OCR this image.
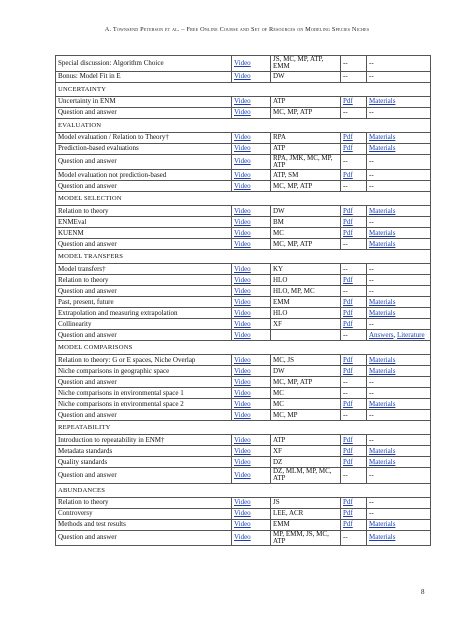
A. Townsend Peterson et al. – Free Online Course and Set of Resources on Modeling Species Niches
Special discussion: Algorithm Choice	Video	JS, MC, MP, ATP, EMM	--	--
Bonus: Model Fit in E	Video	DW	--	--
UNCERTAINTY				
Uncertainty in ENM	Video	ATP	Pdf	Materials
Question and answer	Video	MC, MP, ATP	--	--
EVALUATION				
Model evaluation / Relation to Theory†	Video	RPA	Pdf	Materials
Prediction-based evaluations	Video	ATP	Pdf	Materials
Question and answer	Video	RPA, JMK, MC, MP, ATP	--	--
Model evaluation not prediction-based	Video	ATP, SM	Pdf	--
Question and answer	Video	MC, MP, ATP	--	--
MODEL SELECTION				
Relation to theory	Video	DW	Pdf	Materials
ENMEval	Video	BM	Pdf	--
KUENM	Video	MC	Pdf	Materials
Question and answer	Video	MC, MP, ATP	--	Materials
MODEL TRANSFERS				
Model transfers†	Video	KY	--	--
Relation to theory	Video	HLO	Pdf	--
Question and answer	Video	HLO, MP, MC	--	--
Past, present, future	Video	EMM	Pdf	Materials
Extrapolation and measuring extrapolation	Video	HLO	Pdf	Materials
Collinearity	Video	XF	Pdf	--
Question and answer	Video		--	Answers, Literature
MODEL COMPARISONS				
Relation to theory: G or E spaces, Niche Overlap	Video	MC, JS	Pdf	Materials
Niche comparisons in geographic space	Video	DW	Pdf	Materials
Question and answer	Video	MC, MP, ATP	--	--
Niche comparisons in environmental space 1	Video	MC	--	--
Niche comparisons in environmental space 2	Video	MC	Pdf	Materials
Question and answer	Video	MC, MP	--	--
REPEATABILITY				
Introduction to repeatability in ENM†	Video	ATP	Pdf	--
Metadata standards	Video	XF	Pdf	Materials
Quality standards	Video	DZ	Pdf	Materials
Question and answer	Video	DZ, MLM, MP, MC, ATP	--	--
ABUNDANCES				
Relation to theory	Video	JS	Pdf	--
Controversy	Video	LEE, ACR	Pdf	--
Methods and test results	Video	EMM	Pdf	Materials
Question and answer	Video	MP, EMM, JS, MC, ATP	--	Materials
8
